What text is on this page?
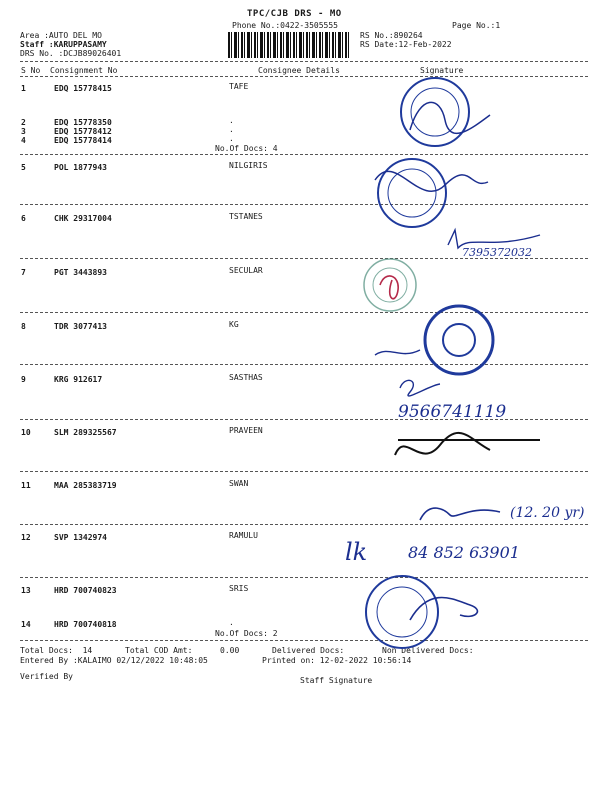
TPC/CJB DRS - MO
Phone No.:0422-3505555
Area :AUTO DEL MO
Staff :KARUPPASAMY
DRS No. :DCJB89026401
RS No.:890264
RS Date:12-Feb-2022
Page No.:1
S No Consignment No	Consignee Details	Signature
1	EDQ 15778415	TAFE
2	EDQ 15778350	.
3	EDQ 15778412	.
4	EDQ 15778414	.
No.Of Docs: 4
5	POL 1877943	NILGIRIS
6	CHK 29317004	TSTANES
7	PGT 3443893	SECULAR
8	TDR 3077413	KG
9	KRG 912617	SASTHAS
10	SLM 289325567	PRAVEEN
11	MAA 285383719	SWAN
12	SVP 1342974	RAMULU
13	HRD 700740823	SRIS
14	HRD 700740818	.
No.Of Docs: 2
Total Docs:  14	Total COD Amt:	0.00	Delivered Docs:	Non Delivered Docs:
Entered By :KALAIMO 02/12/2022 10:48:05	Printed on: 12-02-2022 10:56:14
Verified By	Staff Signature
7395372032
9566741119
(12. 20 yr)
lk	84 852 63901
